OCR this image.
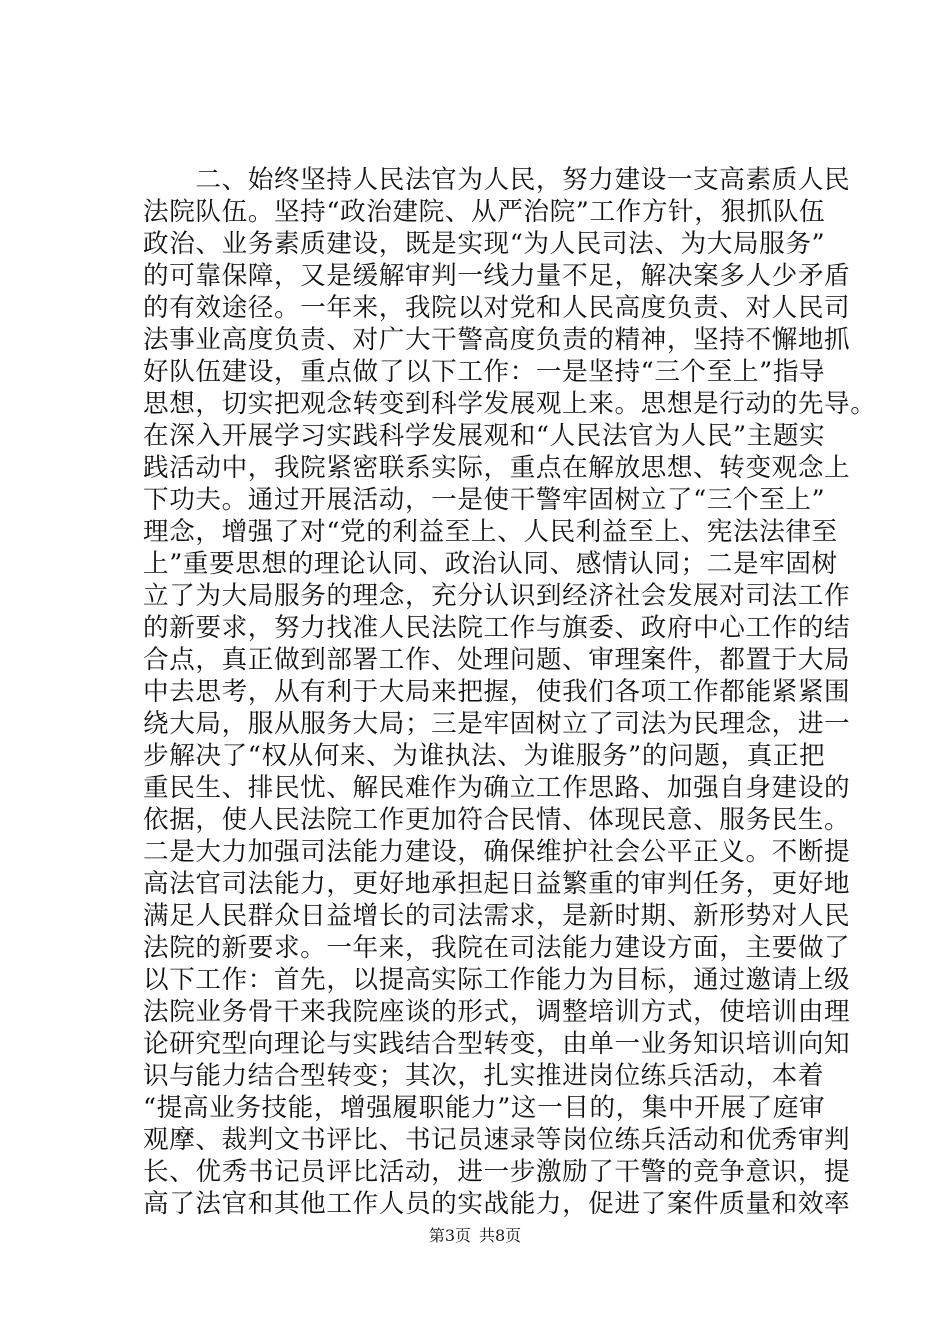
　　二、始终坚持人民法官为人民，努力建设一支高素质人民
法院队伍。坚持“政治建院、从严治院”工作方针，狠抓队伍
政治、业务素质建设，既是实现“为人民司法、为大局服务”
的可靠保障，又是缓解审判一线力量不足，解决案多人少矛盾
的有效途径。一年来，我院以对党和人民高度负责、对人民司
法事业高度负责、对广大干警高度负责的精神，坚持不懈地抓
好队伍建设，重点做了以下工作：一是坚持“三个至上”指导
思想，切实把观念转变到科学发展观上来。思想是行动的先导。
在深入开展学习实践科学发展观和“人民法官为人民”主题实
践活动中，我院紧密联系实际，重点在解放思想、转变观念上
下功夫。通过开展活动，一是使干警牢固树立了“三个至上”
理念，增强了对“党的利益至上、人民利益至上、宪法法律至
上”重要思想的理论认同、政治认同、感情认同；二是牢固树
立了为大局服务的理念，充分认识到经济社会发展对司法工作
的新要求，努力找准人民法院工作与旗委、政府中心工作的结
合点，真正做到部署工作、处理问题、审理案件，都置于大局
中去思考，从有利于大局来把握，使我们各项工作都能紧紧围
绕大局，服从服务大局；三是牢固树立了司法为民理念，进一
步解决了“权从何来、为谁执法、为谁服务”的问题，真正把
重民生、排民忧、解民难作为确立工作思路、加强自身建设的
依据，使人民法院工作更加符合民情、体现民意、服务民生。
二是大力加强司法能力建设，确保维护社会公平正义。不断提
高法官司法能力，更好地承担起日益繁重的审判任务，更好地
满足人民群众日益增长的司法需求，是新时期、新形势对人民
法院的新要求。一年来，我院在司法能力建设方面，主要做了
以下工作：首先，以提高实际工作能力为目标，通过邀请上级
法院业务骨干来我院座谈的形式，调整培训方式，使培训由理
论研究型向理论与实践结合型转变，由单一业务知识培训向知
识与能力结合型转变；其次，扎实推进岗位练兵活动，本着
“提高业务技能，增强履职能力”这一目的，集中开展了庭审
观摩、裁判文书评比、书记员速录等岗位练兵活动和优秀审判
长、优秀书记员评比活动，进一步激励了干警的竞争意识，提
高了法官和其他工作人员的实战能力，促进了案件质量和效率
第3页 共8页
